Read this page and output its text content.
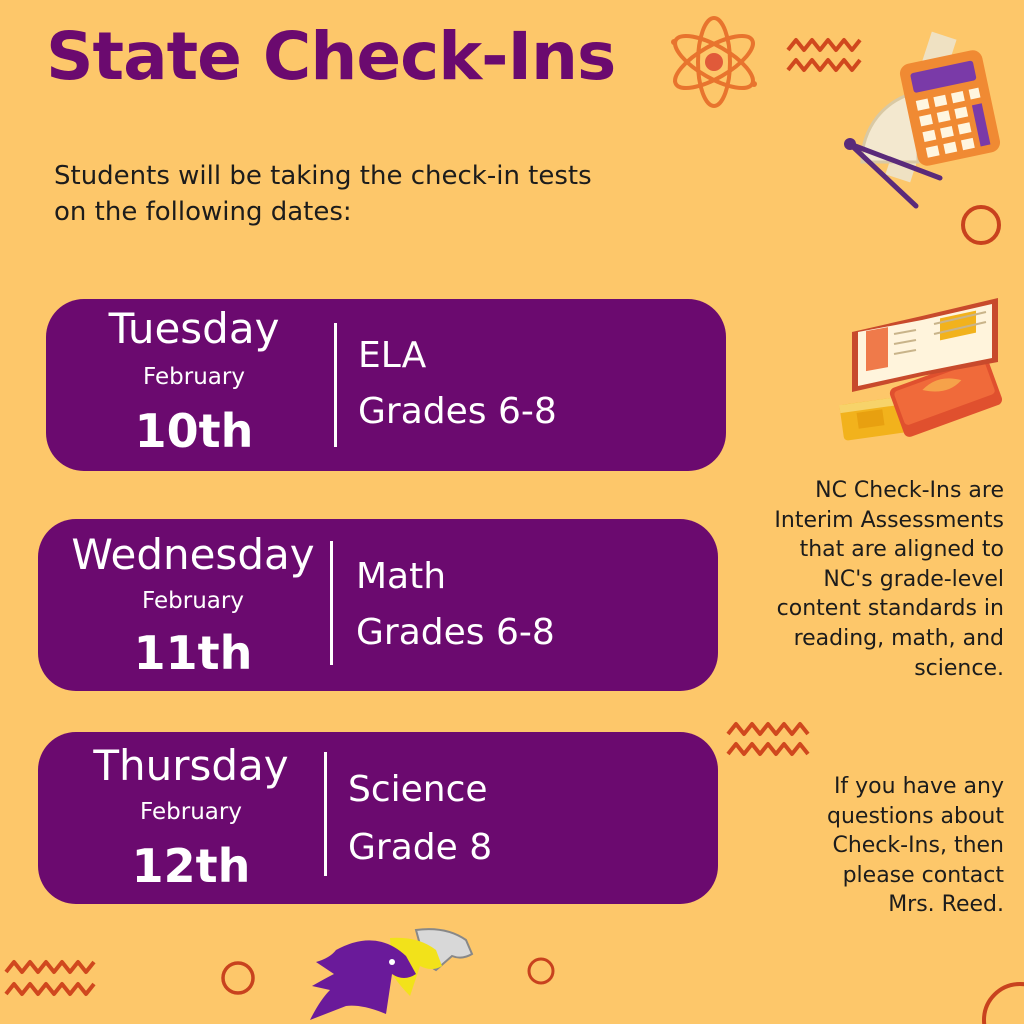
State Check-Ins

Students will be taking the check-in tests
on the following dates:

Tuesday
February
10th
ELA
Grades 6-8
Wednesday
February
11th
Math
Grades 6-8
Thursday
February
12th
Science
Grade 8

NC Check-Ins are
Interim Assessments
that are aligned to
NC's grade-level
content standards in
reading, math, and
science.

If you have any
questions about
Check-Ins, then
please contact
Mrs. Reed.
